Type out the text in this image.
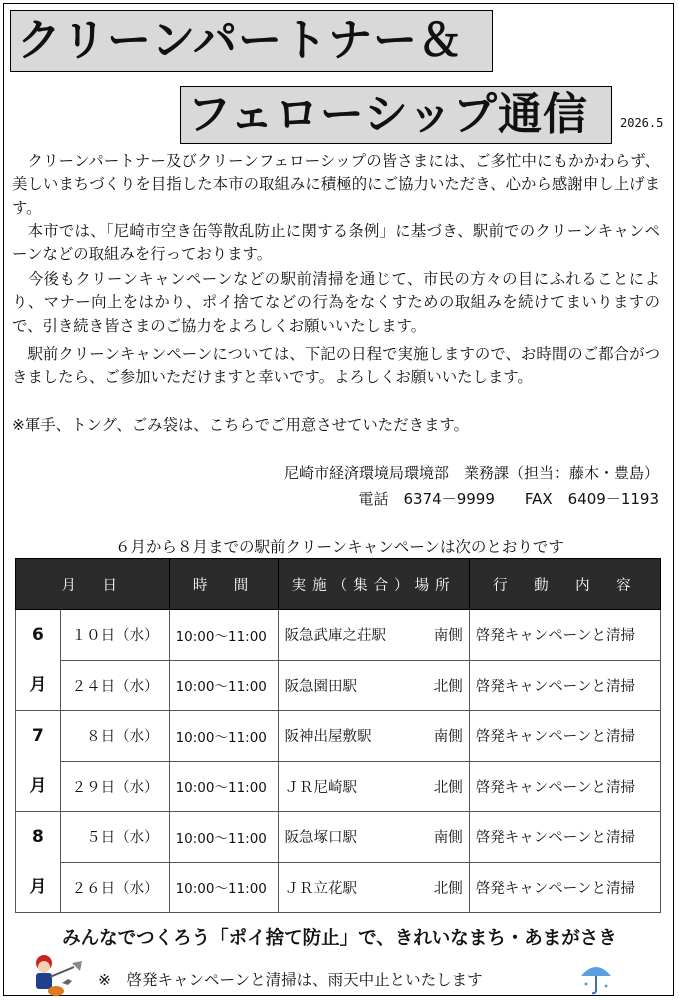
クリーンパートナー＆
フェローシップ通信	2026.5

　クリーンパートナー及びクリーンフェローシップの皆さまには、ご多忙中にもかかわらず、美しいまちづくりを目指した本市の取組みに積極的にご協力いただき、心から感謝申し上げます。

　本市では、「尼崎市空き缶等散乱防止に関する条例」に基づき、駅前でのクリーンキャンペーンなどの取組みを行っております。

　今後もクリーンキャンペーンなどの駅前清掃を通じて、市民の方々の目にふれることにより、マナー向上をはかり、ポイ捨てなどの行為をなくすための取組みを続けてまいりますので、引き続き皆さまのご協力をよろしくお願いいたします。

　駅前クリーンキャンペーンについては、下記の日程で実施しますので、お時間のご都合がつきましたら、ご参加いただけますと幸いです。よろしくお願いいたします。

※軍手、トング、ごみ袋は、こちらでご用意させていただきます。

尼崎市経済環境局環境部　業務課（担当：藤木・豊島）
電話　6374－9999　　FAX　6409－1193
６月から８月までの駅前クリーンキャンペーンは次のとおりです
月　日		時　間	実施（集合）場所	行　動　内　容

6
月	１０日（水）	10:00～11:00	阪急武庫之荘駅 南側	啓発キャンペーンと清掃
	２４日（水）	10:00～11:00	阪急園田駅 北側	啓発キャンペーンと清掃

7
月	８日（水）	10:00～11:00	阪神出屋敷駅 南側	啓発キャンペーンと清掃
	２９日（水）	10:00～11:00	ＪＲ尼崎駅 北側	啓発キャンペーンと清掃

8
月	５日（水）	10:00～11:00	阪急塚口駅 南側	啓発キャンペーンと清掃
	２６日（水）	10:00～11:00	ＪＲ立花駅 北側	啓発キャンペーンと清掃
みんなでつくろう「ポイ捨て防止」で、きれいなまち・あまがさき
※　啓発キャンペーンと清掃は、雨天中止といたします
